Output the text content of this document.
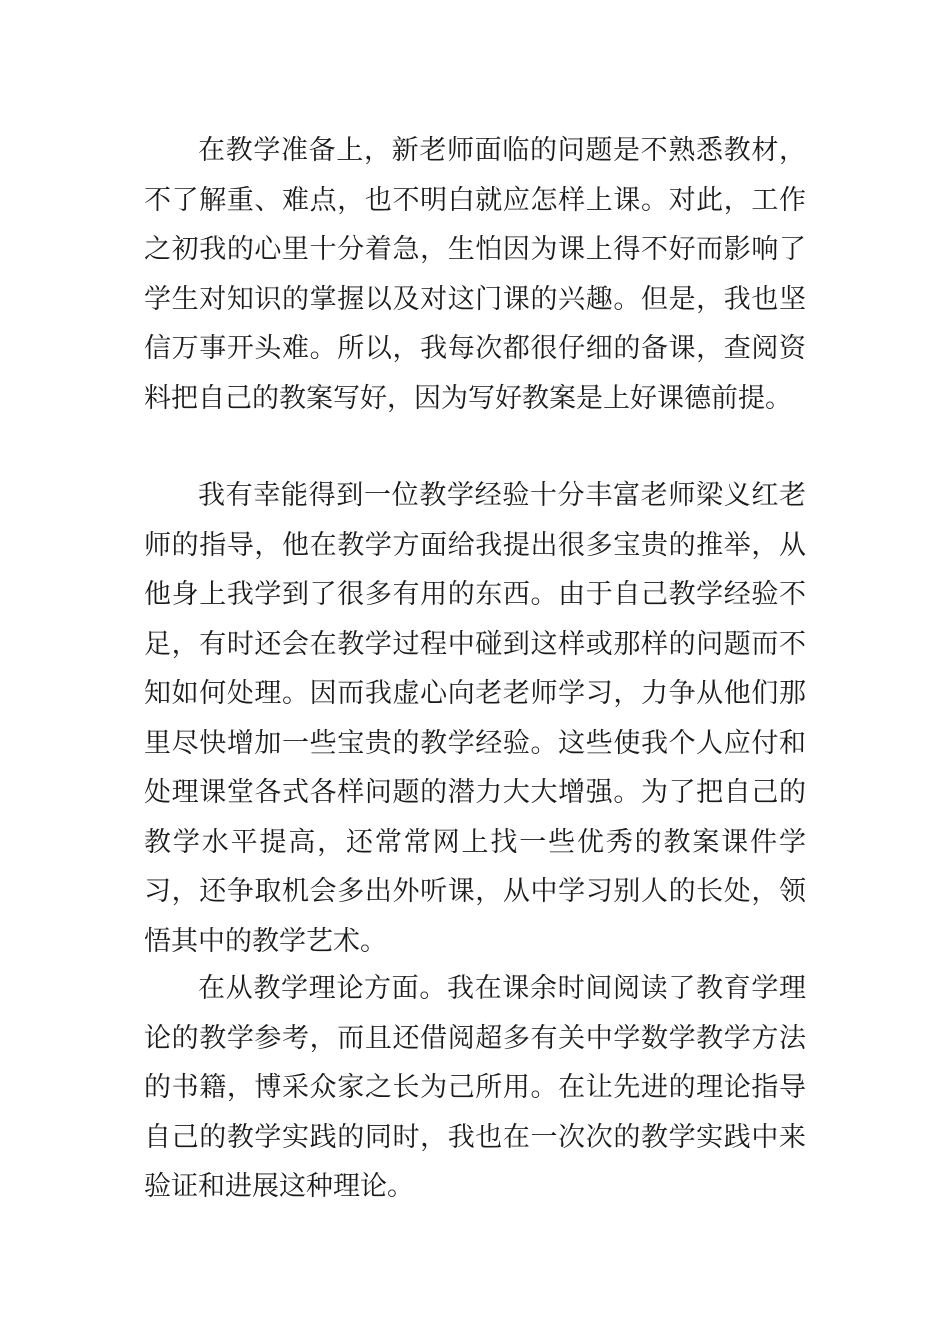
在教学准备上，新老师面临的问题是不熟悉教材，不了解重、难点，也不明白就应怎样上课。对此，工作之初我的心里十分着急，生怕因为课上得不好而影响了学生对知识的掌握以及对这门课的兴趣。但是，我也坚信万事开头难。所以，我每次都很仔细的备课，查阅资料把自己的教案写好，因为写好教案是上好课德前提。

我有幸能得到一位教学经验十分丰富老师梁义红老师的指导，他在教学方面给我提出很多宝贵的推举，从他身上我学到了很多有用的东西。由于自己教学经验不足，有时还会在教学过程中碰到这样或那样的问题而不知如何处理。因而我虚心向老老师学习，力争从他们那里尽快增加一些宝贵的教学经验。这些使我个人应付和处理课堂各式各样问题的潜力大大增强。为了把自己的教学水平提高，还常常网上找一些优秀的教案课件学习，还争取机会多出外听课，从中学习别人的长处，领悟其中的教学艺术。

在从教学理论方面。我在课余时间阅读了教育学理论的教学参考，而且还借阅超多有关中学数学教学方法的书籍，博采众家之长为己所用。在让先进的理论指导自己的教学实践的同时，我也在一次次的教学实践中来验证和进展这种理论。
